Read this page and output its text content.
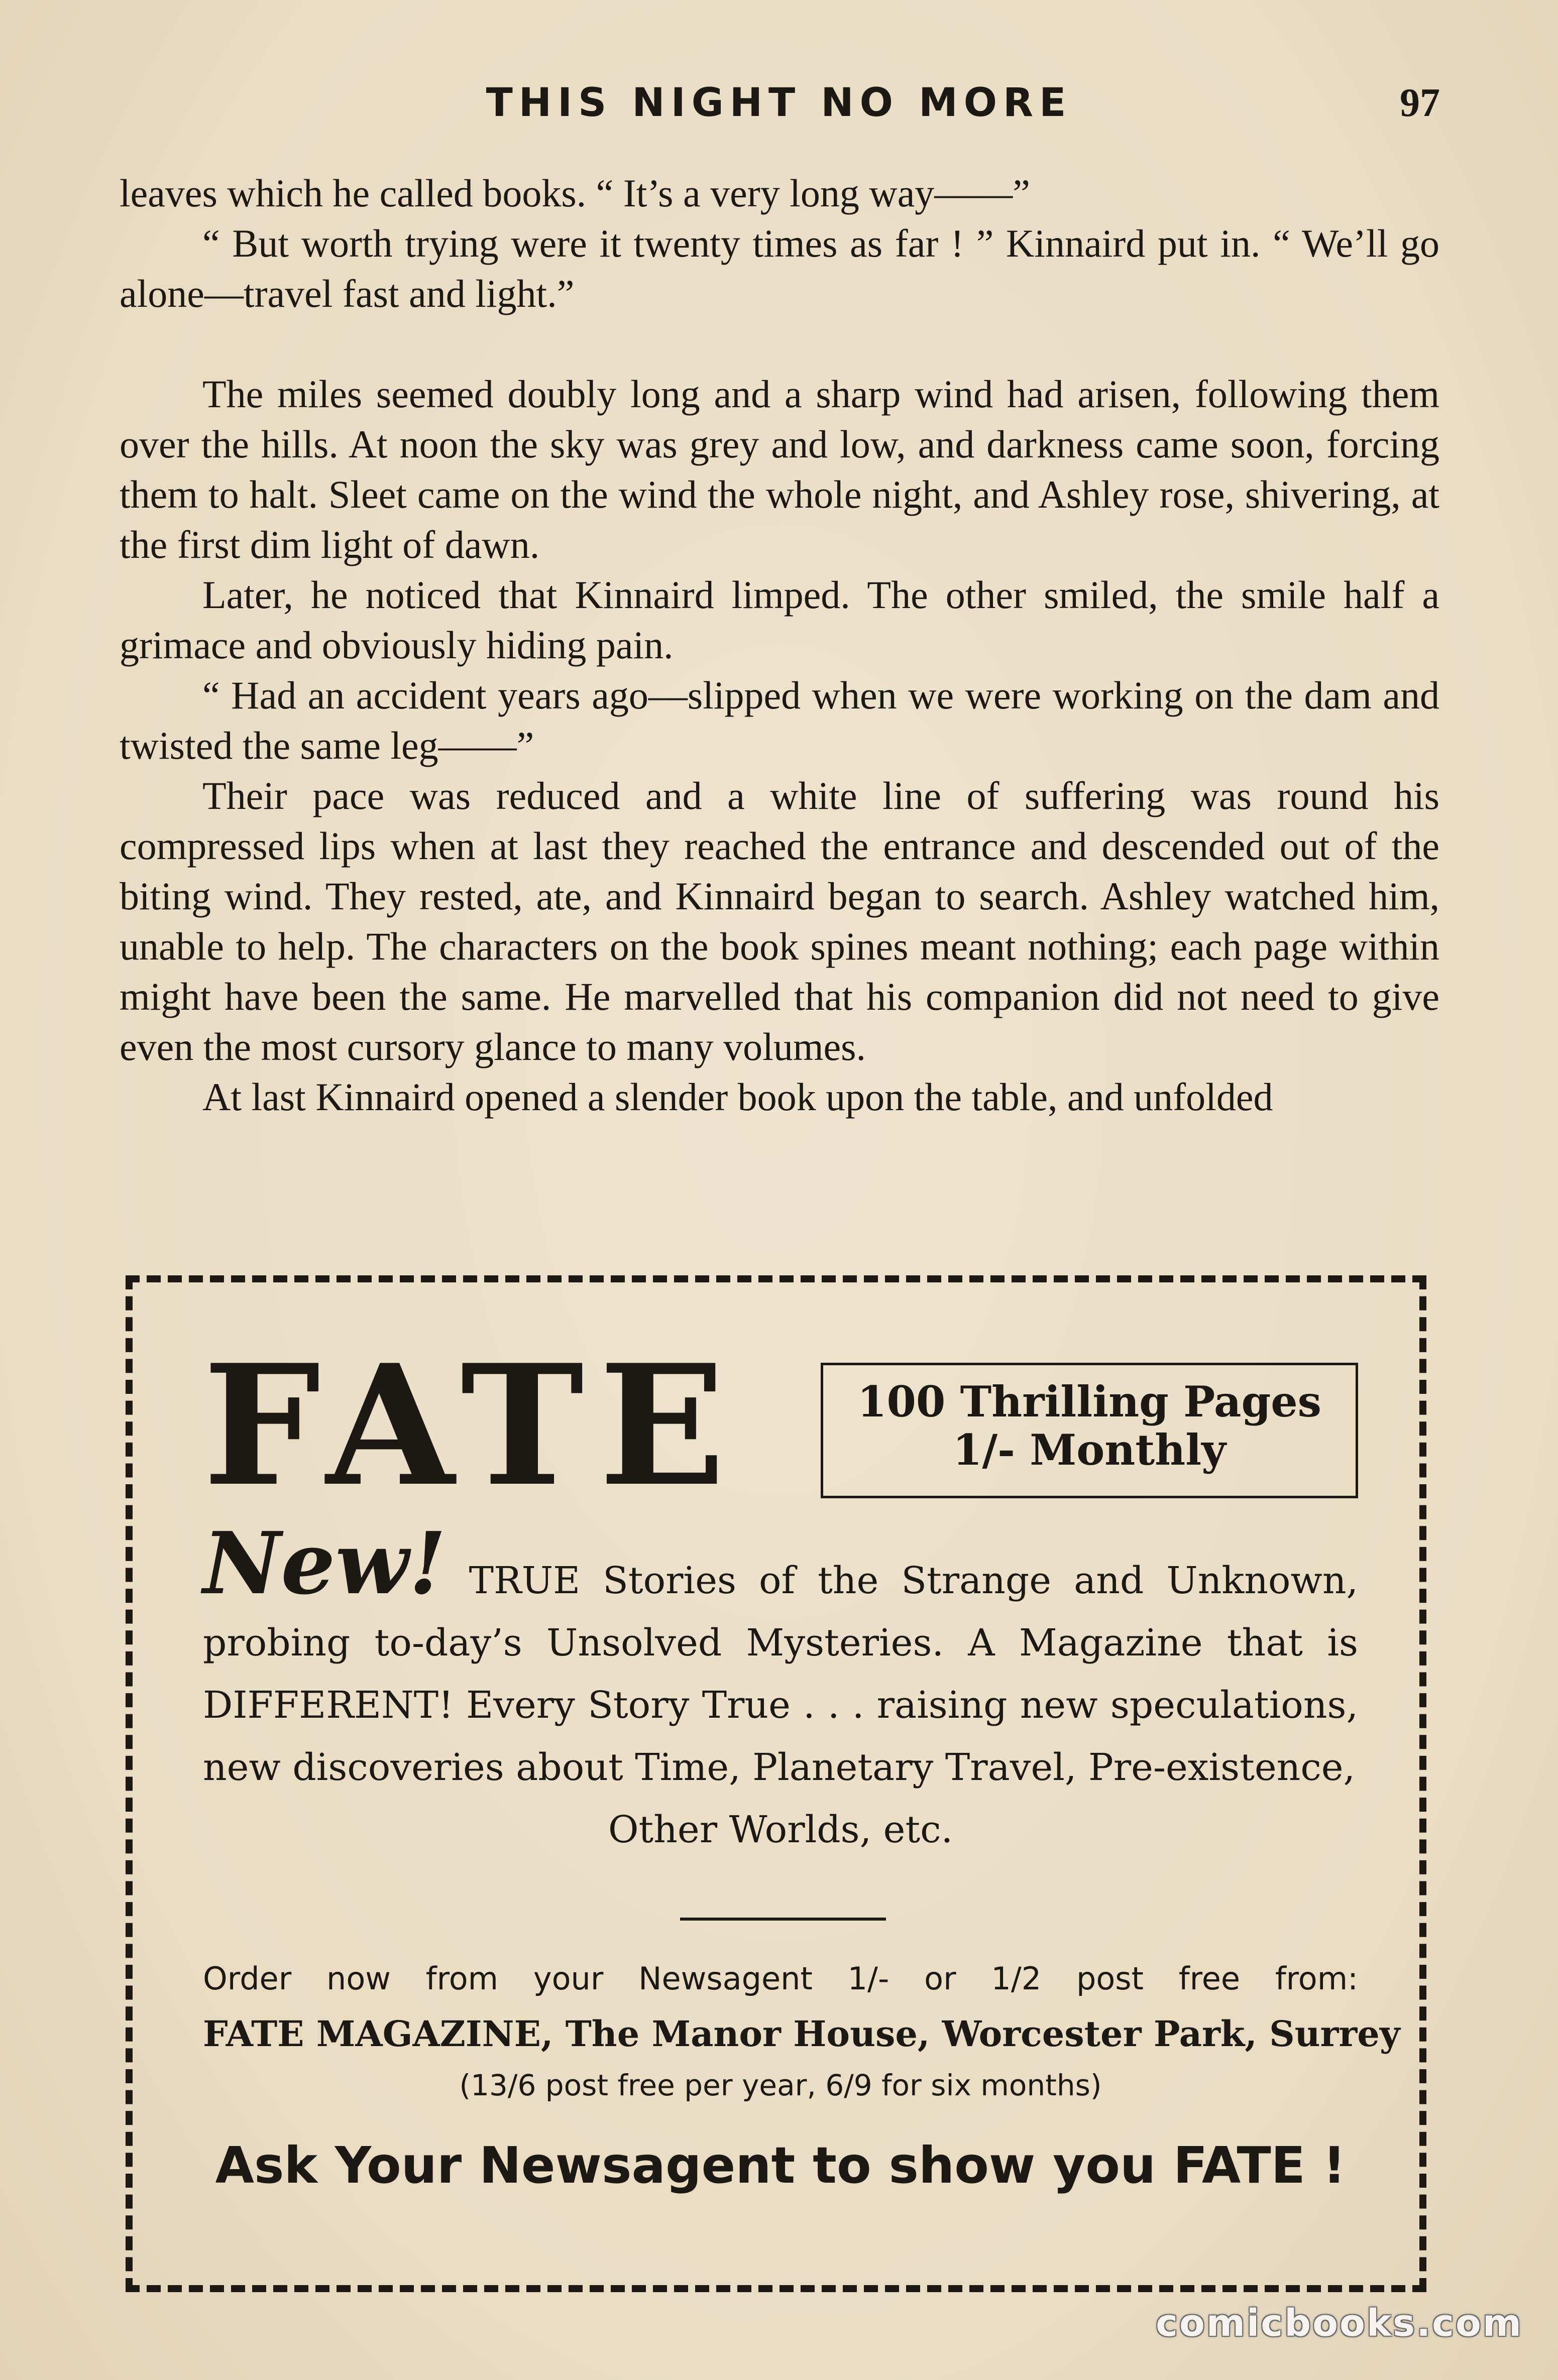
THIS NIGHT NO MORE	97

leaves which he called books. “ It’s a very long way——”

“ But worth trying were it twenty times as far ! ” Kinnaird put in. “ We’ll go alone—travel fast and light.”

The miles seemed doubly long and a sharp wind had arisen, following them over the hills. At noon the sky was grey and low, and darkness came soon, forcing them to halt. Sleet came on the wind the whole night, and Ashley rose, shivering, at the first dim light of dawn.

Later, he noticed that Kinnaird limped. The other smiled, the smile half a grimace and obviously hiding pain.

“ Had an accident years ago—slipped when we were working on the dam and twisted the same leg——”

Their pace was reduced and a white line of suffering was round his compressed lips when at last they reached the entrance and descended out of the biting wind. They rested, ate, and Kinnaird began to search. Ashley watched him, unable to help. The characters on the book spines meant nothing; each page within might have been the same. He marvelled that his companion did not need to give even the most cursory glance to many volumes.

At last Kinnaird opened a slender book upon the table, and unfolded

FATE	100 Thrilling Pages
1/- Monthly
New! TRUE Stories of the Strange and Unknown, probing to-day’s Unsolved Mysteries. A Magazine that is DIFFERENT! Every Story True . . . raising new speculations, new discoveries about Time, Planetary Travel, Pre-existence,
Other Worlds, etc.
Order now from your Newsagent 1/- or 1/2 post free from:
FATE MAGAZINE, The Manor House, Worcester Park, Surrey
(13/6 post free per year, 6/9 for six months)
Ask Your Newsagent to show you FATE !
comicbooks.com
